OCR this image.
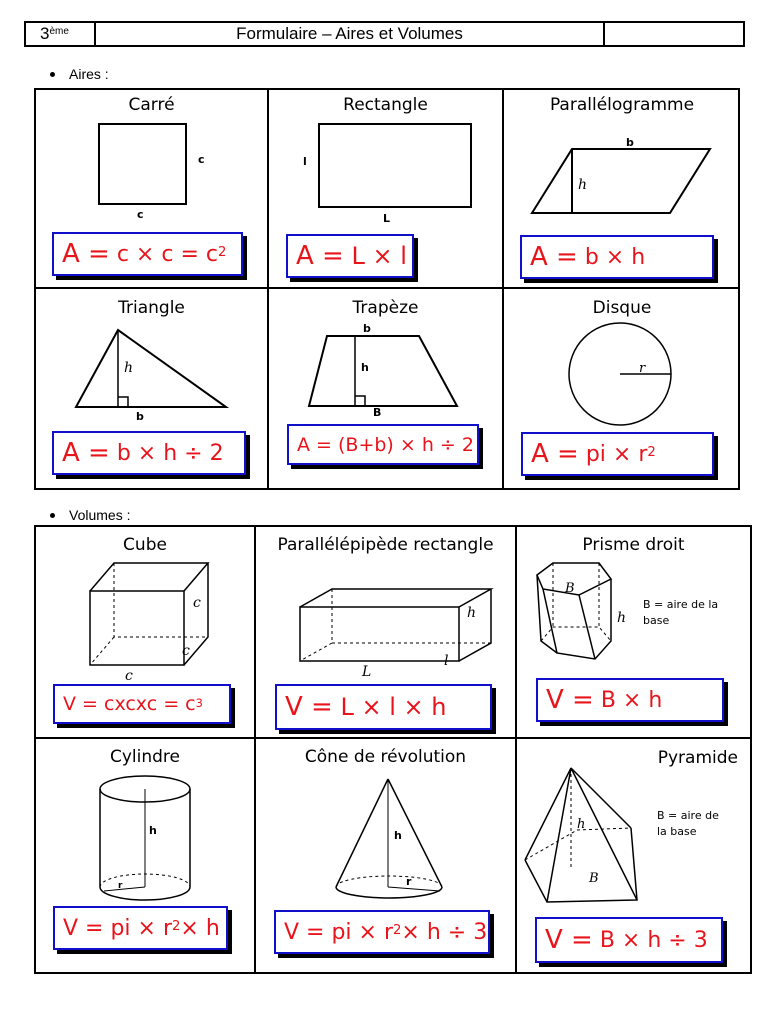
3ème	Formulaire – Aires et Volumes
Aires :
Carré
c
c
A =
$c \times c = c^2$
Rectangle
l
L
A =
L × l
Parallélogramme
b
h
A =
b × h
Triangle
h
b
A =
b × h ÷ 2
Trapèze
b
h
B
A = (B+b) × h ÷ 2
Disque
r
A =
pi × $r^2$
Volumes :
Cube
c
c
c
V = cxcxc = $c^3$
Parallélépipède rectangle
h
l
L
V =
L × l × h
Prisme droit
B
h
B = aire de la
base
V =
B × h
Cylindre
h
r
V = pi × $r^2 \times h$
Cône de révolution
h
r
V = pi × $r^2 \times h \div 3$
Pyramide
h
B
B = aire de
la base
V =
B × h ÷ 3
